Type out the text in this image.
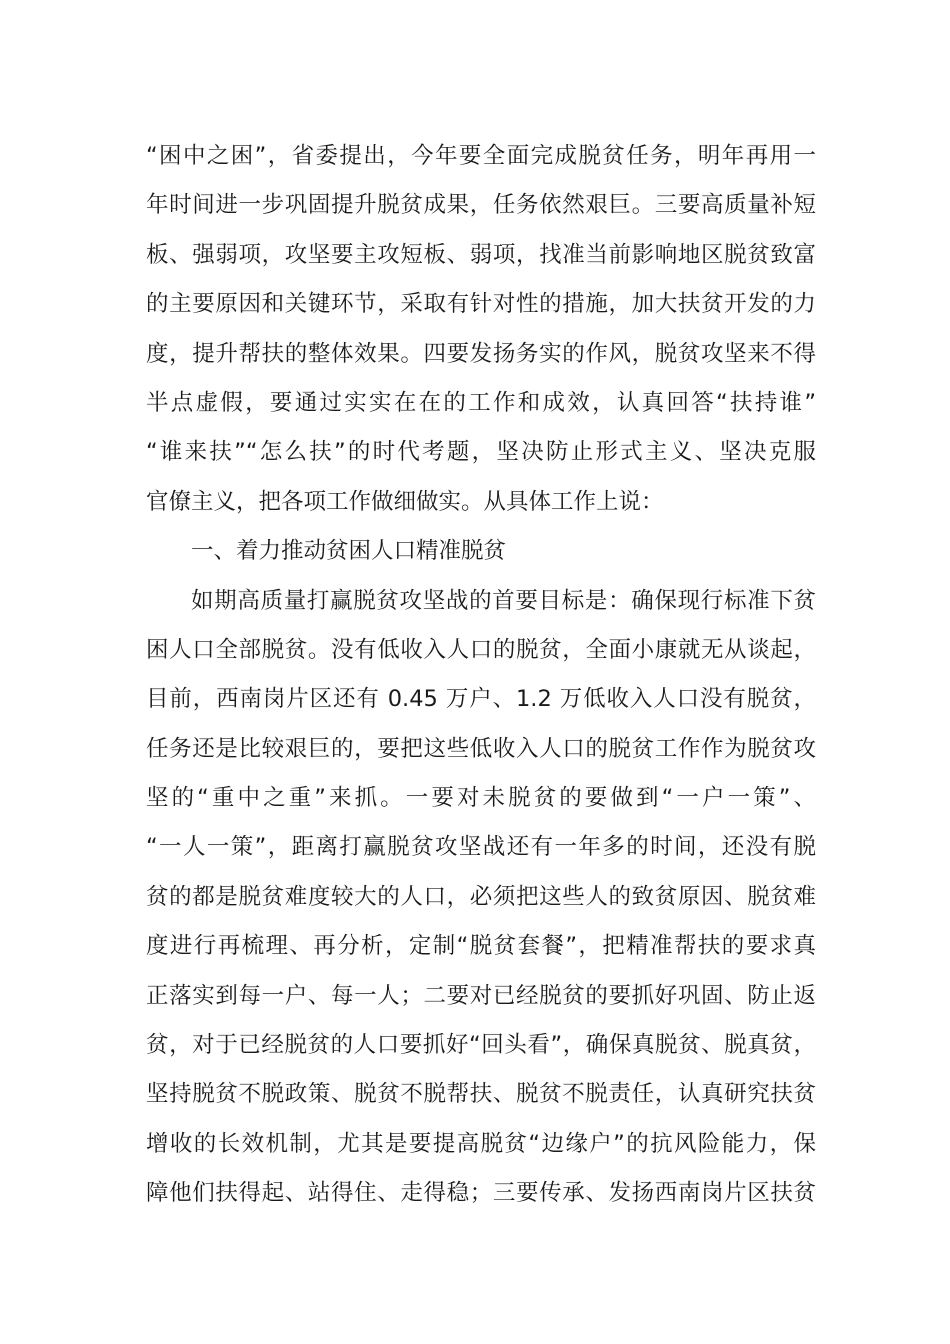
“困中之困”，省委提出，今年要全面完成脱贫任务，明年再用一
年时间进一步巩固提升脱贫成果，任务依然艰巨。三要高质量补短
板、强弱项，攻坚要主攻短板、弱项，找准当前影响地区脱贫致富
的主要原因和关键环节，采取有针对性的措施，加大扶贫开发的力
度，提升帮扶的整体效果。四要发扬务实的作风，脱贫攻坚来不得
半点虚假，要通过实实在在的工作和成效，认真回答“扶持谁”
“谁来扶”“怎么扶”的时代考题，坚决防止形式主义、坚决克服
官僚主义，把各项工作做细做实。从具体工作上说：
一、着力推动贫困人口精准脱贫
如期高质量打赢脱贫攻坚战的首要目标是：确保现行标准下贫
困人口全部脱贫。没有低收入人口的脱贫，全面小康就无从谈起，
目前，西南岗片区还有 0.45 万户、1.2 万低收入人口没有脱贫，
任务还是比较艰巨的，要把这些低收入人口的脱贫工作作为脱贫攻
坚的“重中之重”来抓。一要对未脱贫的要做到“一户一策”、
“一人一策”，距离打赢脱贫攻坚战还有一年多的时间，还没有脱
贫的都是脱贫难度较大的人口，必须把这些人的致贫原因、脱贫难
度进行再梳理、再分析，定制“脱贫套餐”，把精准帮扶的要求真
正落实到每一户、每一人；二要对已经脱贫的要抓好巩固、防止返
贫，对于已经脱贫的人口要抓好“回头看”，确保真脱贫、脱真贫，
坚持脱贫不脱政策、脱贫不脱帮扶、脱贫不脱责任，认真研究扶贫
增收的长效机制，尤其是要提高脱贫“边缘户”的抗风险能力，保
障他们扶得起、站得住、走得稳；三要传承、发扬西南岗片区扶贫
